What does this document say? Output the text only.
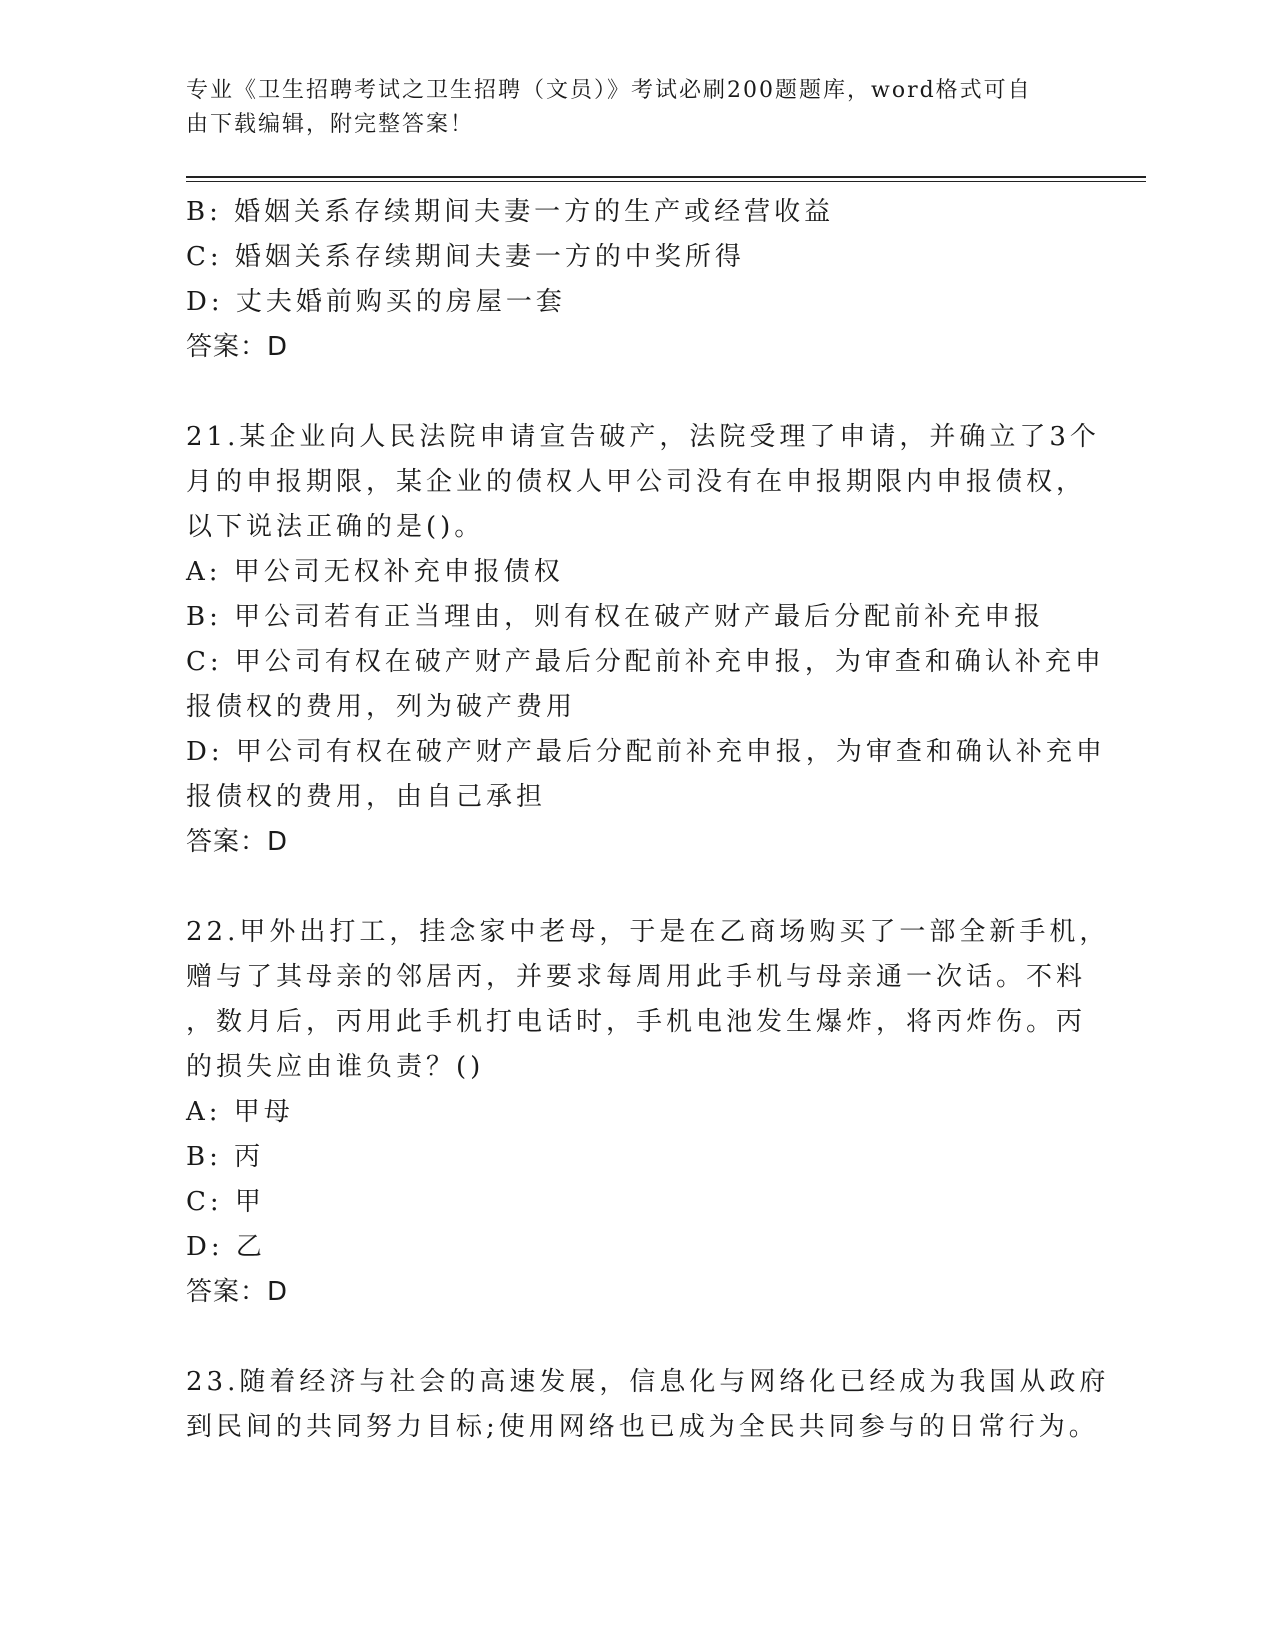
专业《卫生招聘考试之卫生招聘（文员）》考试必刷200题题库，word格式可自
由下载编辑，附完整答案！
B: 婚姻关系存续期间夫妻一方的生产或经营收益
C: 婚姻关系存续期间夫妻一方的中奖所得
D: 丈夫婚前购买的房屋一套
答案：D
21.某企业向人民法院申请宣告破产，法院受理了申请，并确立了3个
月的申报期限，某企业的债权人甲公司没有在申报期限内申报债权，
以下说法正确的是()。
A: 甲公司无权补充申报债权
B: 甲公司若有正当理由，则有权在破产财产最后分配前补充申报
C: 甲公司有权在破产财产最后分配前补充申报，为审查和确认补充申
报债权的费用，列为破产费用
D: 甲公司有权在破产财产最后分配前补充申报，为审查和确认补充申
报债权的费用，由自己承担
答案：D
22.甲外出打工，挂念家中老母，于是在乙商场购买了一部全新手机，
赠与了其母亲的邻居丙，并要求每周用此手机与母亲通一次话。不料
，数月后，丙用此手机打电话时，手机电池发生爆炸，将丙炸伤。丙
的损失应由谁负责？()
A: 甲母
B: 丙
C: 甲
D: 乙
答案：D
23.随着经济与社会的高速发展，信息化与网络化已经成为我国从政府
到民间的共同努力目标;使用网络也已成为全民共同参与的日常行为。
